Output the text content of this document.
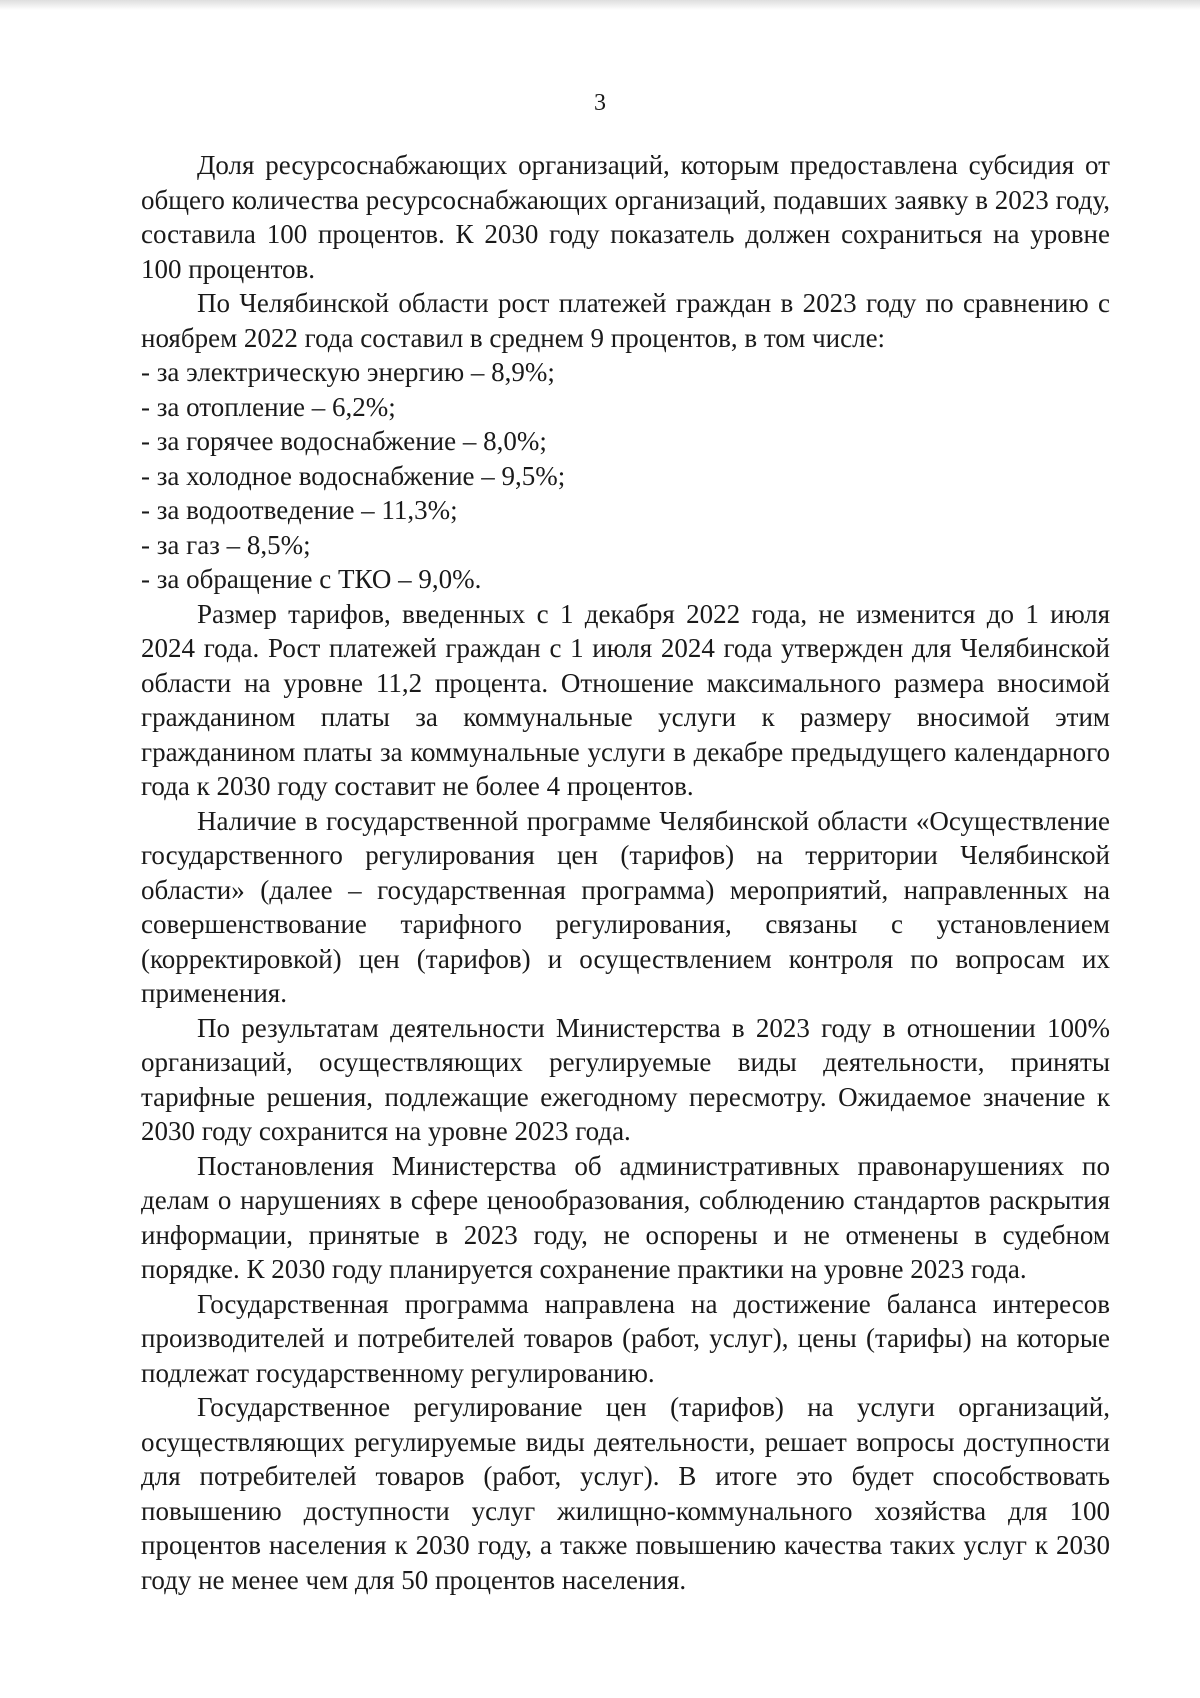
3

Доля ресурсоснабжающих организаций, которым предоставлена субсидия от общего количества ресурсоснабжающих организаций, подавших заявку в 2023 году, составила 100 процентов. К 2030 году показатель должен сохраниться на уровне 100 процентов.

По Челябинской области рост платежей граждан в 2023 году по сравнению с ноябрем 2022 года составил в среднем 9 процентов, в том числе:

- за электрическую энергию – 8,9%;
- за отопление – 6,2%;
- за горячее водоснабжение – 8,0%;
- за холодное водоснабжение – 9,5%;
- за водоотведение – 11,3%;
- за газ – 8,5%;
- за обращение с ТКО – 9,0%.

Размер тарифов, введенных с 1 декабря 2022 года, не изменится до 1 июля 2024 года. Рост платежей граждан с 1 июля 2024 года утвержден для Челябинской области на уровне 11,2 процента. Отношение максимального размера вносимой гражданином платы за коммунальные услуги к размеру вносимой этим гражданином платы за коммунальные услуги в декабре предыдущего календарного года к 2030 году составит не более 4 процентов.

Наличие в государственной программе Челябинской области «Осуществление государственного регулирования цен (тарифов) на территории Челябинской области» (далее – государственная программа) мероприятий, направленных на совершенствование тарифного регулирования, связаны с установлением (корректировкой) цен (тарифов) и осуществлением контроля по вопросам их применения.

По результатам деятельности Министерства в 2023 году в отношении 100% организаций, осуществляющих регулируемые виды деятельности, приняты тарифные решения, подлежащие ежегодному пересмотру. Ожидаемое значение к 2030 году сохранится на уровне 2023 года.

Постановления Министерства об административных правонарушениях по делам о нарушениях в сфере ценообразования, соблюдению стандартов раскрытия информации, принятые в 2023 году, не оспорены и не отменены в судебном порядке. К 2030 году планируется сохранение практики на уровне 2023 года.

Государственная программа направлена на достижение баланса интересов производителей и потребителей товаров (работ, услуг), цены (тарифы) на которые подлежат государственному регулированию.

Государственное регулирование цен (тарифов) на услуги организаций, осуществляющих регулируемые виды деятельности, решает вопросы доступности для потребителей товаров (работ, услуг). В итоге это будет способствовать повышению доступности услуг жилищно-коммунального хозяйства для 100 процентов населения к 2030 году, а также повышению качества таких услуг к 2030 году не менее чем для 50 процентов населения.
